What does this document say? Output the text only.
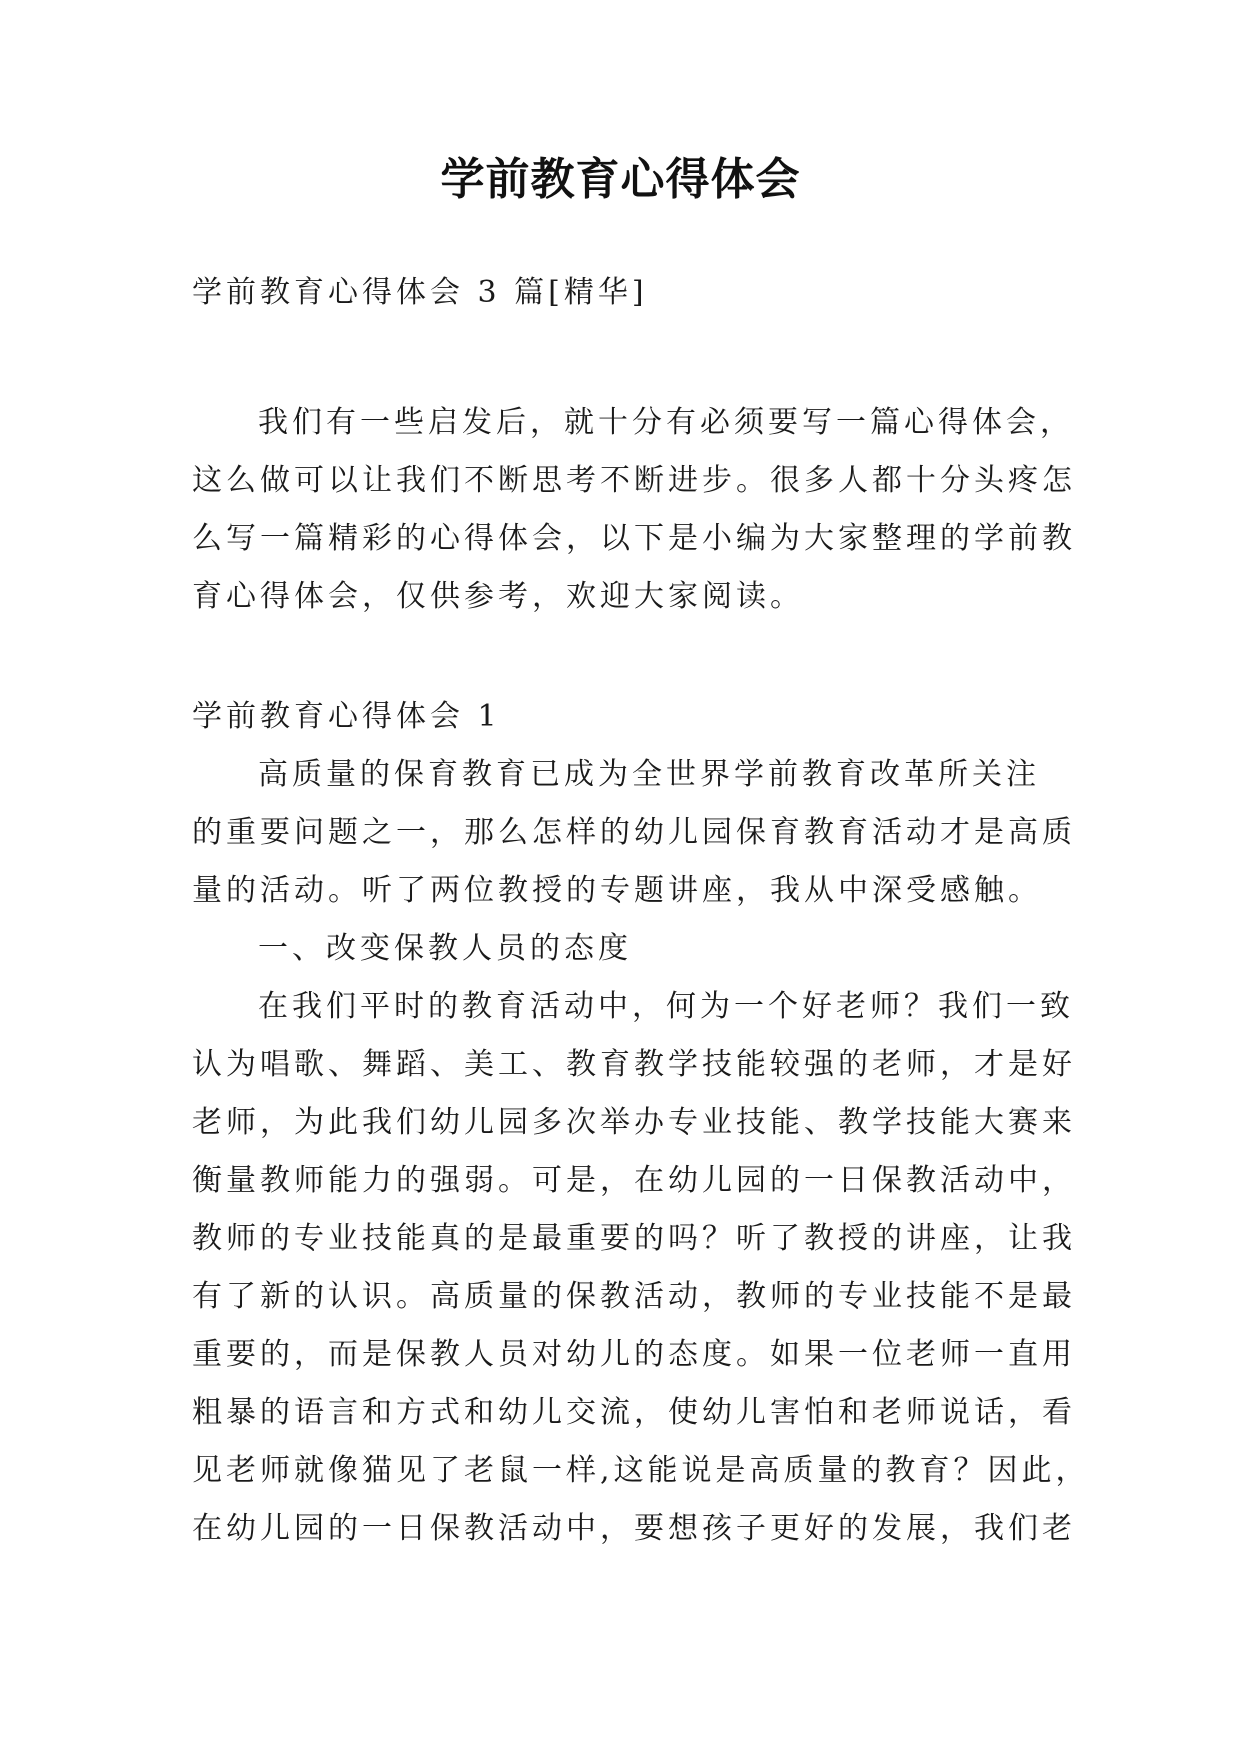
学前教育心得体会
学前教育心得体会 3 篇[精华]
我们有一些启发后，就十分有必须要写一篇心得体会，
这么做可以让我们不断思考不断进步。很多人都十分头疼怎
么写一篇精彩的心得体会，以下是小编为大家整理的学前教
育心得体会，仅供参考，欢迎大家阅读。
学前教育心得体会 1
高质量的保育教育已成为全世界学前教育改革所关注
的重要问题之一，那么怎样的幼儿园保育教育活动才是高质
量的活动。听了两位教授的专题讲座，我从中深受感触。
一、改变保教人员的态度
在我们平时的教育活动中，何为一个好老师？我们一致
认为唱歌、舞蹈、美工、教育教学技能较强的老师，才是好
老师，为此我们幼儿园多次举办专业技能、教学技能大赛来
衡量教师能力的强弱。可是，在幼儿园的一日保教活动中，
教师的专业技能真的是最重要的吗？听了教授的讲座，让我
有了新的认识。高质量的保教活动，教师的专业技能不是最
重要的，而是保教人员对幼儿的态度。如果一位老师一直用
粗暴的语言和方式和幼儿交流，使幼儿害怕和老师说话，看
见老师就像猫见了老鼠一样,这能说是高质量的教育？因此，
在幼儿园的一日保教活动中，要想孩子更好的发展，我们老
